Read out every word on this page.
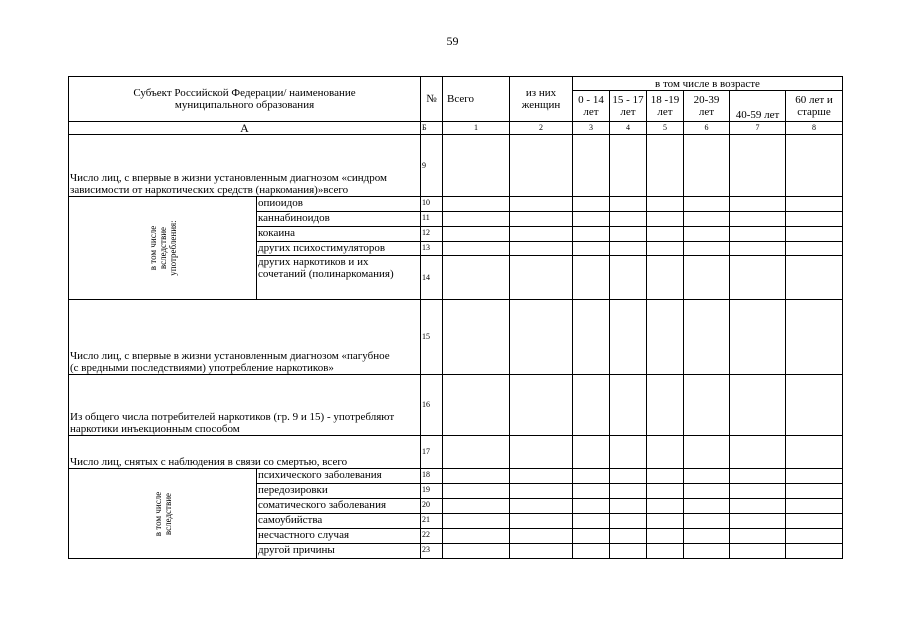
59
Субъект Российской Федерации/ наименование муниципального образования		№	Всего	из них женщин	в том числе в возрасте					
					0 - 14 лет	15 - 17 лет	18 -19 лет	20-39 лет	40-59 лет	60 лет и старше
А		Б	1	2	3	4	5	6	7	8
Число лиц, с впервые в жизни установленным диагнозом «синдром зависимости от наркотических средств (наркомания)»всего		9								

в том числе вследствие употребления:	опиоидов	10								
	каннабиноидов	11								
	кокаина	12								
	других психостимуляторов	13								
	других наркотиков и их сочетаний (полинаркомания)	14								
Число лиц, с впервые в жизни установленным диагнозом «пагубное (с вредными последствиями) употребление наркотиков»		15								
Из общего числа потребителей наркотиков (гр. 9 и 15) - употребляют наркотики инъекционным способом		16								
Число лиц, снятых с наблюдения в связи со смертью, всего		17								

в том числе вследствие	психического заболевания	18								
	передозировки	19								
	соматического заболевания	20								
	самоубийства	21								
	несчастного случая	22								
	другой причины	23								
